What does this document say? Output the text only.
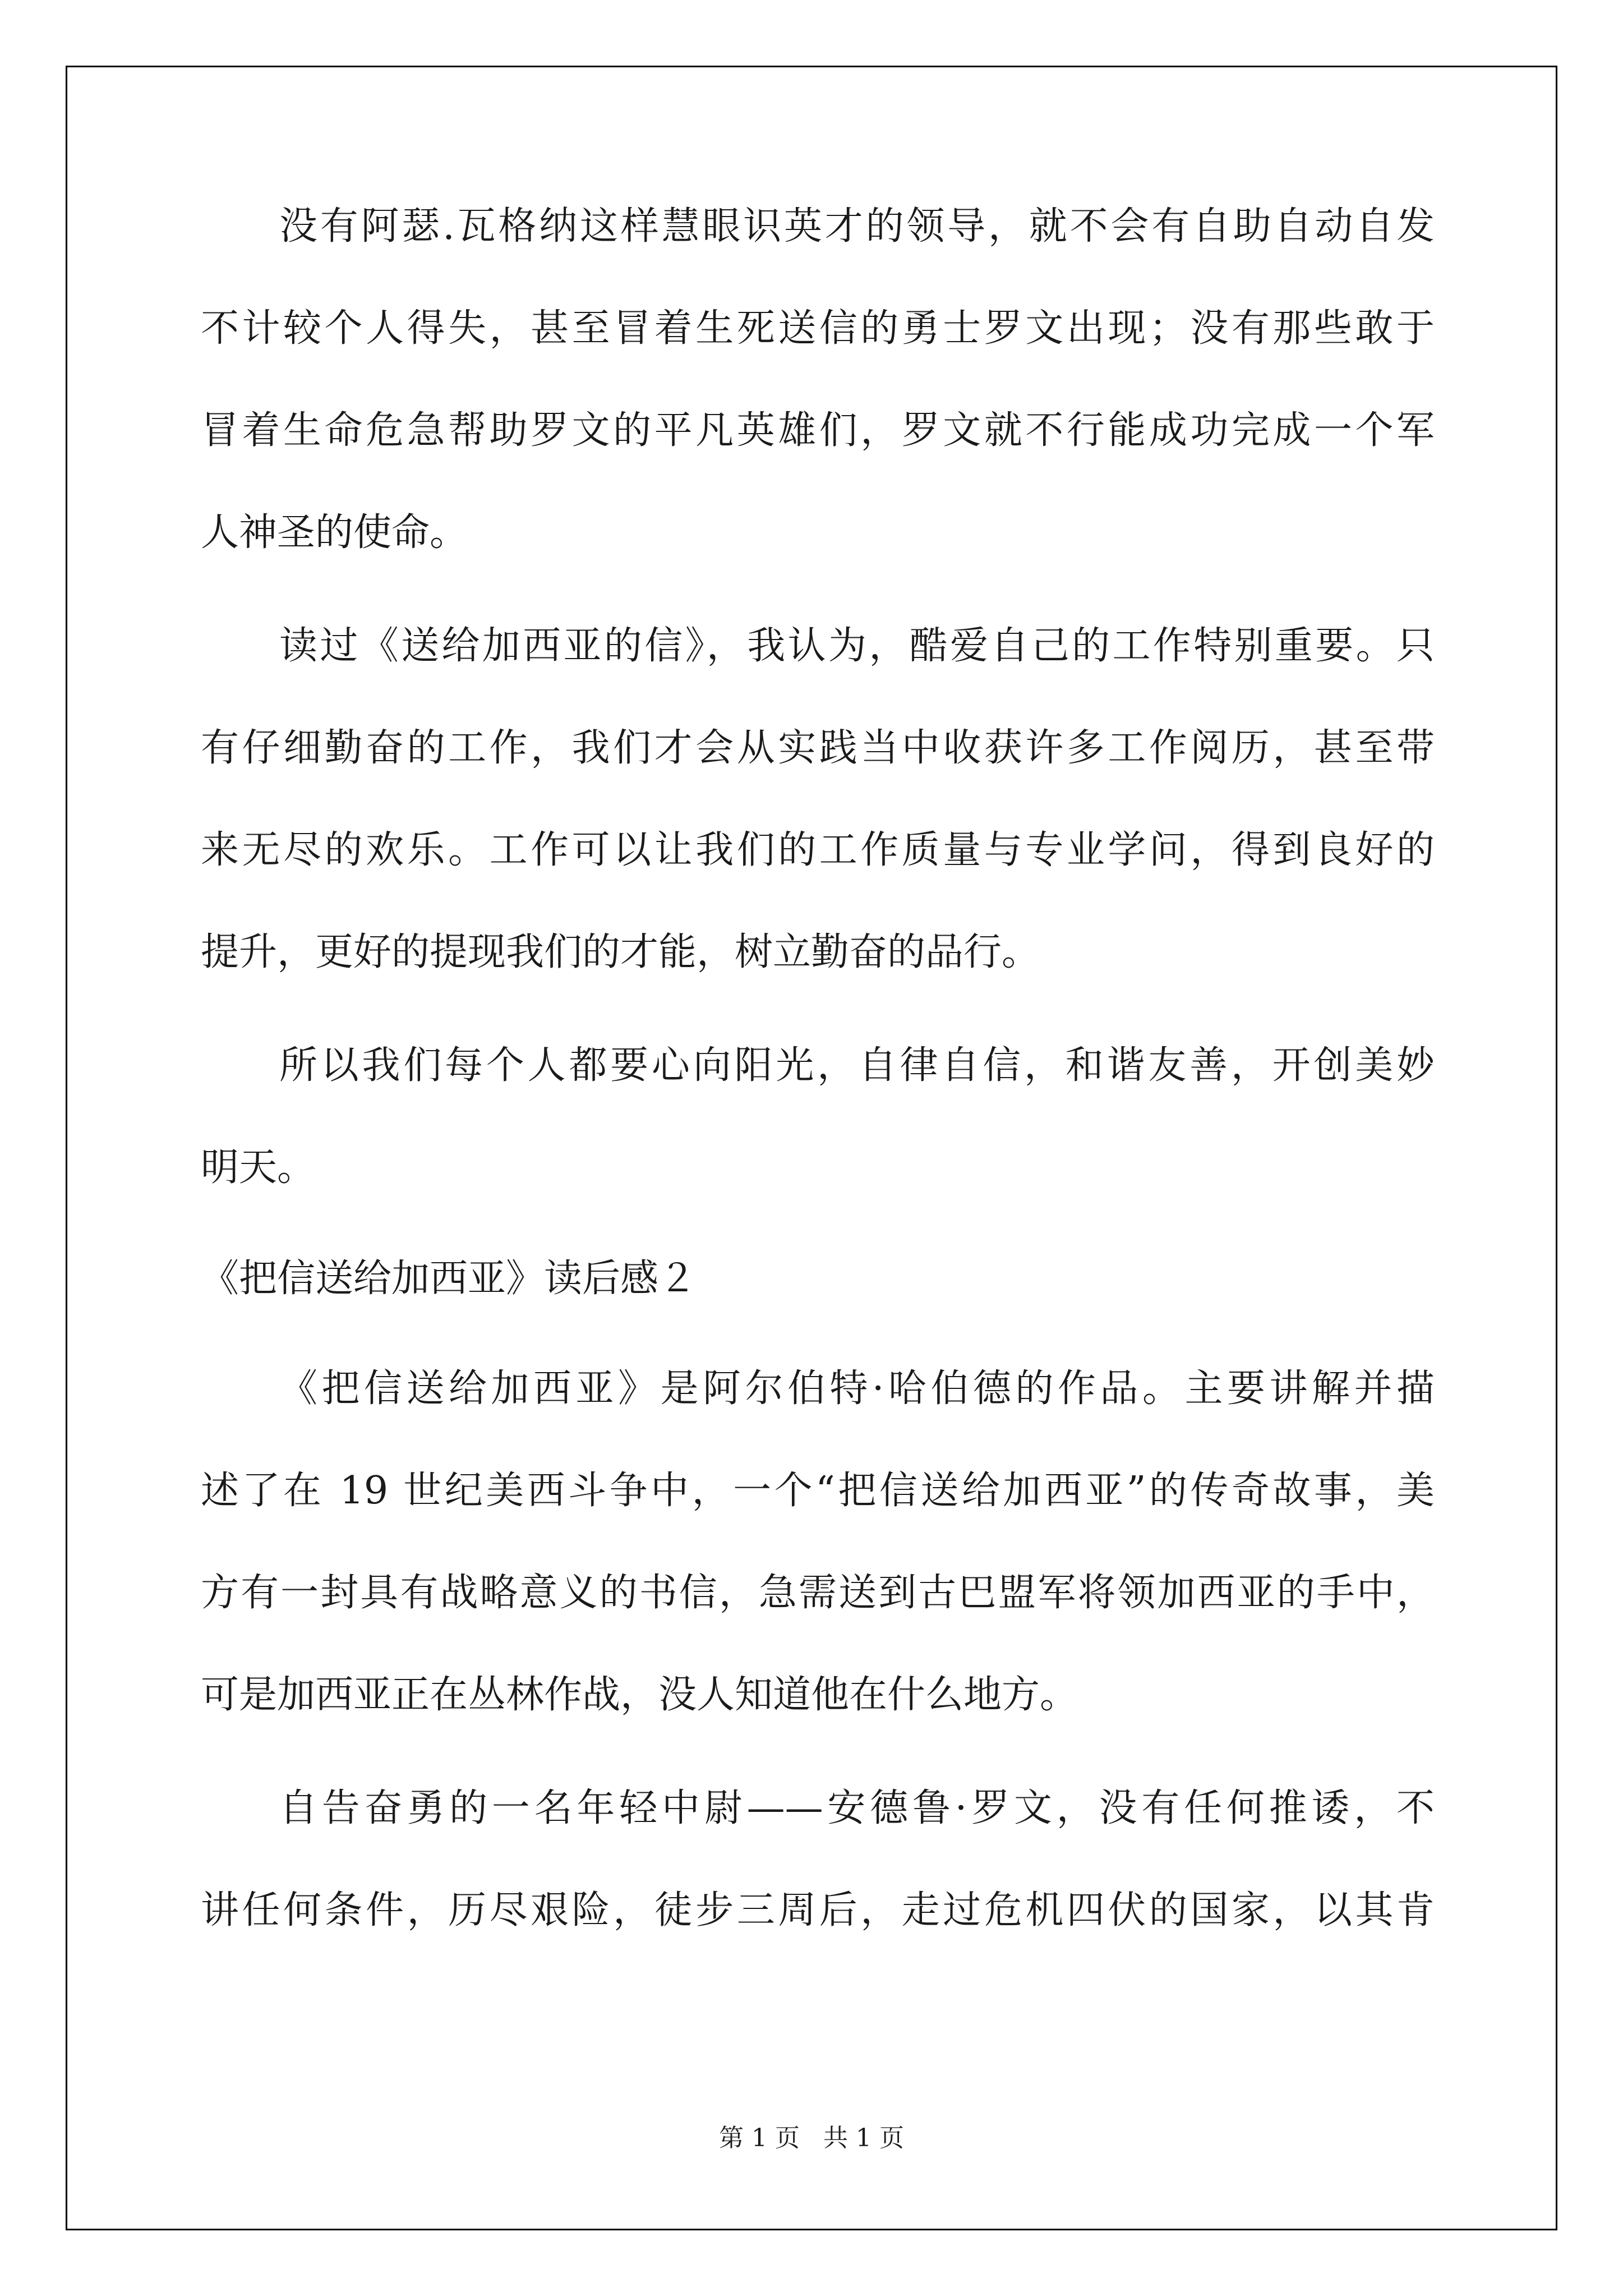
没有阿瑟.瓦格纳这样慧眼识英才的领导，就不会有自助自动自发

不计较个人得失，甚至冒着生死送信的勇士罗文出现；没有那些敢于

冒着生命危急帮助罗文的平凡英雄们，罗文就不行能成功完成一个军

人神圣的使命。

读过《送给加西亚的信》，我认为，酷爱自己的工作特别重要。只

有仔细勤奋的工作，我们才会从实践当中收获许多工作阅历，甚至带

来无尽的欢乐。工作可以让我们的工作质量与专业学问，得到良好的

提升，更好的提现我们的才能，树立勤奋的品行。

所以我们每个人都要心向阳光，自律自信，和谐友善，开创美妙

明天。

《把信送给加西亚》读后感２

《把信送给加西亚》是阿尔伯特·哈伯德的作品。主要讲解并描

述了在 19 世纪美西斗争中，一个“把信送给加西亚”的传奇故事，美

方有一封具有战略意义的书信，急需送到古巴盟军将领加西亚的手中，

可是加西亚正在丛林作战，没人知道他在什么地方。

自告奋勇的一名年轻中尉——安德鲁·罗文，没有任何推诿，不

讲任何条件，历尽艰险，徒步三周后，走过危机四伏的国家，以其肯

第 1 页 共 1 页
